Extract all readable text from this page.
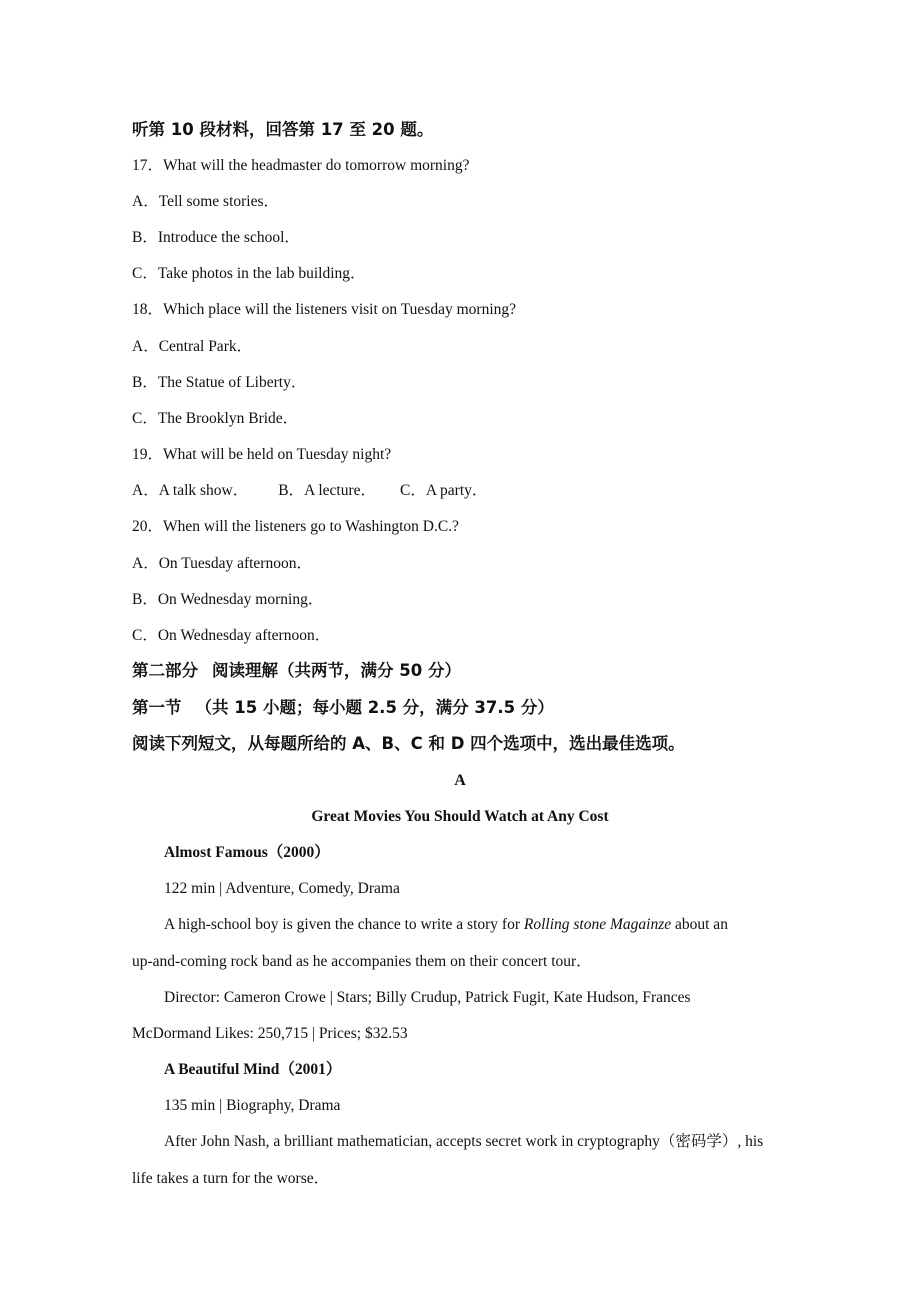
听第 10 段材料，回答第 17 至 20 题。
17．What will the headmaster do tomorrow morning?
A．Tell some stories．
B．Introduce the school．
C．Take photos in the lab building．
18．Which place will the listeners visit on Tuesday morning?
A．Central Park．
B．The Statue of Liberty．
C．The Brooklyn Bride．
19．What will be held on Tuesday night?
A．A talk show． B．A lecture． C．A party．
20．When will the listeners go to Washington D.C.?
A．On Tuesday afternoon．
B．On Wednesday morning．
C．On Wednesday afternoon．
第二部分 阅读理解（共两节，满分 50 分）
第一节 （共 15 小题；每小题 2.5 分，满分 37.5 分）
阅读下列短文，从每题所给的 A、B、C 和 D 四个选项中，选出最佳选项。
A
Great Movies You Should Watch at Any Cost
Almost Famous（2000）
122 min | Adventure, Comedy, Drama
A high-school boy is given the chance to write a story for Rolling stone Magainze about an
up-and-coming rock band as he accompanies them on their concert tour．
Director: Cameron Crowe | Stars; Billy Crudup, Patrick Fugit, Kate Hudson, Frances
McDormand Likes: 250,715 | Prices; $32.53
A Beautiful Mind（2001）
135 min | Biography, Drama
After John Nash, a brilliant mathematician, accepts secret work in cryptography（密码学）, his
life takes a turn for the worse．
